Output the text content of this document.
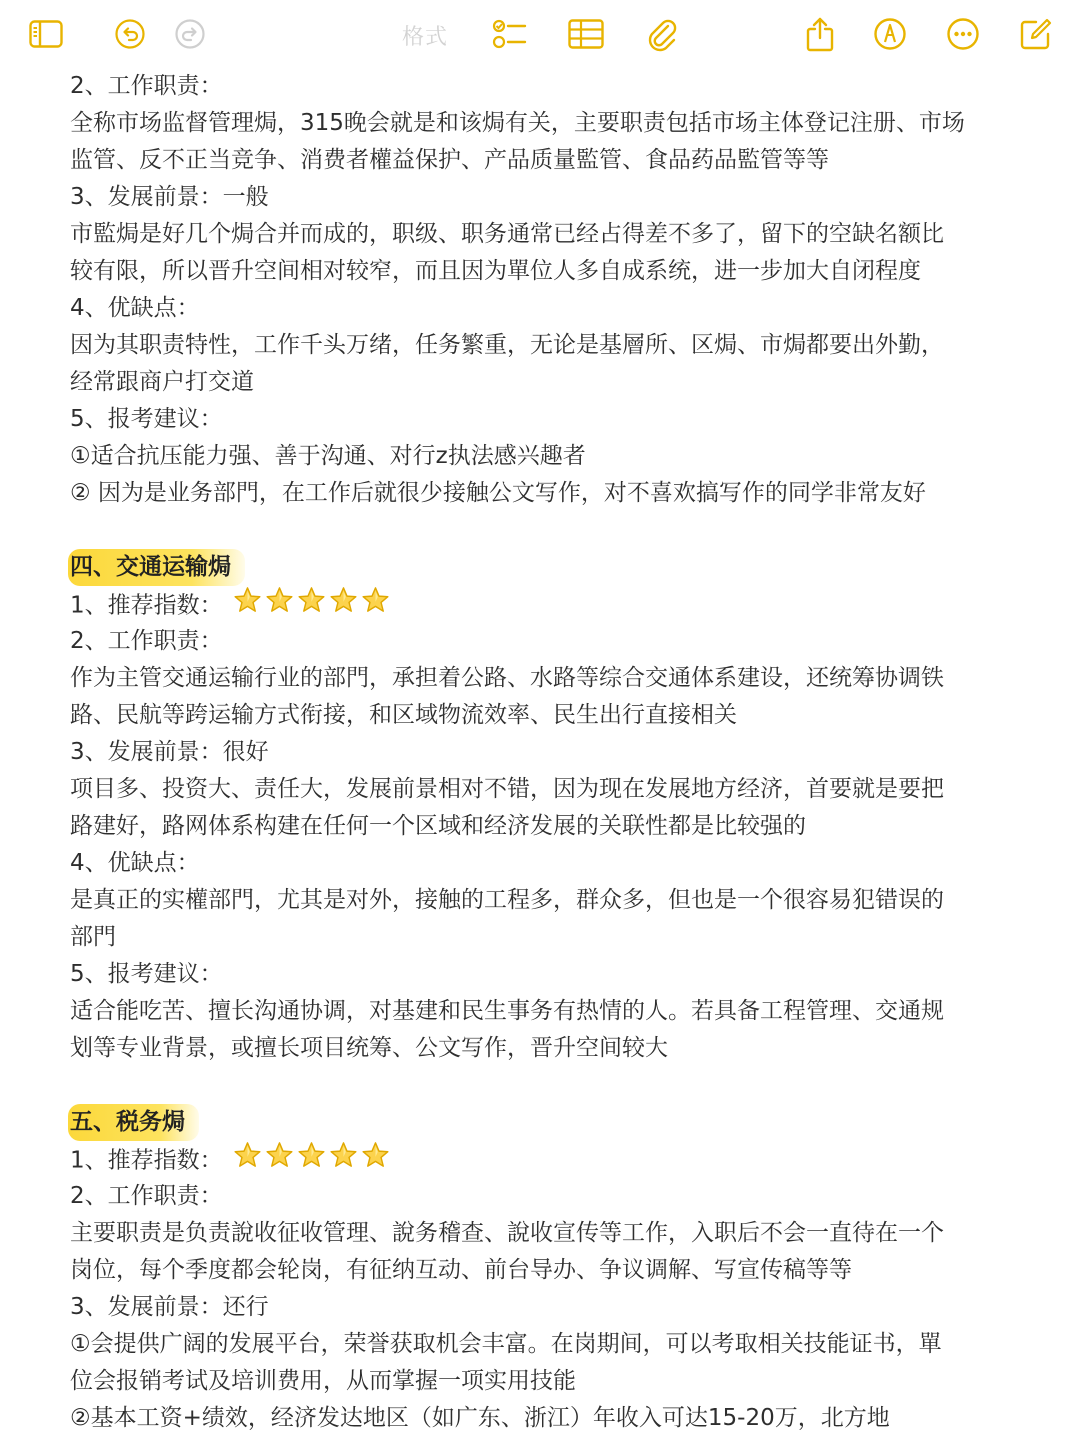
格式
2、工作职责：
全称市场监督管理焗，315晚会就是和该焗有关，主要职责包括市场主体登记注册、市场
监管、反不正当竞争、消费者權益保护、产品质量監管、食品药品監管等等
3、发展前景：一般
市監焗是好几个焗合并而成的，职级、职务通常已经占得差不多了，留下的空缺名额比
较有限，所以晋升空间相对较窄，而且因为單位人多自成系统，进一步加大自闭程度
4、优缺点：
因为其职责特性，工作千头万绪，任务繁重，无论是基層所、区焗、市焗都要出外勤，
经常跟商户打交道
5、报考建议：
①适合抗压能力强、善于沟通、对行z执法感兴趣者
② 因为是业务部門，在工作后就很少接触公文写作，对不喜欢搞写作的同学非常友好
四、交通运输焗
1、推荐指数：
2、工作职责：
作为主管交通运输行业的部門，承担着公路、水路等综合交通体系建设，还统筹协调铁
路、民航等跨运输方式衔接，和区域物流效率、民生出行直接相关
3、发展前景：很好
项目多、投资大、责任大，发展前景相对不错，因为现在发展地方经济，首要就是要把
路建好，路网体系构建在任何一个区域和经济发展的关联性都是比较强的
4、优缺点：
是真正的实權部門，尤其是对外，接触的工程多，群众多，但也是一个很容易犯错误的
部門
5、报考建议：
适合能吃苦、擅长沟通协调，对基建和民生事务有热情的人。若具备工程管理、交通规
划等专业背景，或擅长项目统筹、公文写作，晋升空间较大
五、税务焗
1、推荐指数：
2、工作职责：
主要职责是负责說收征收管理、說务稽查、說收宣传等工作，入职后不会一直待在一个
岗位，每个季度都会轮岗，有征纳互动、前台导办、争议调解、写宣传稿等等
3、发展前景：还行
①会提供广阔的发展平台，荣誉获取机会丰富。在岗期间，可以考取相关技能证书，單
位会报销考试及培训费用，从而掌握一项实用技能
②基本工资+绩效，经济发达地区（如广东、浙江）年收入可达15-20万，北方地
